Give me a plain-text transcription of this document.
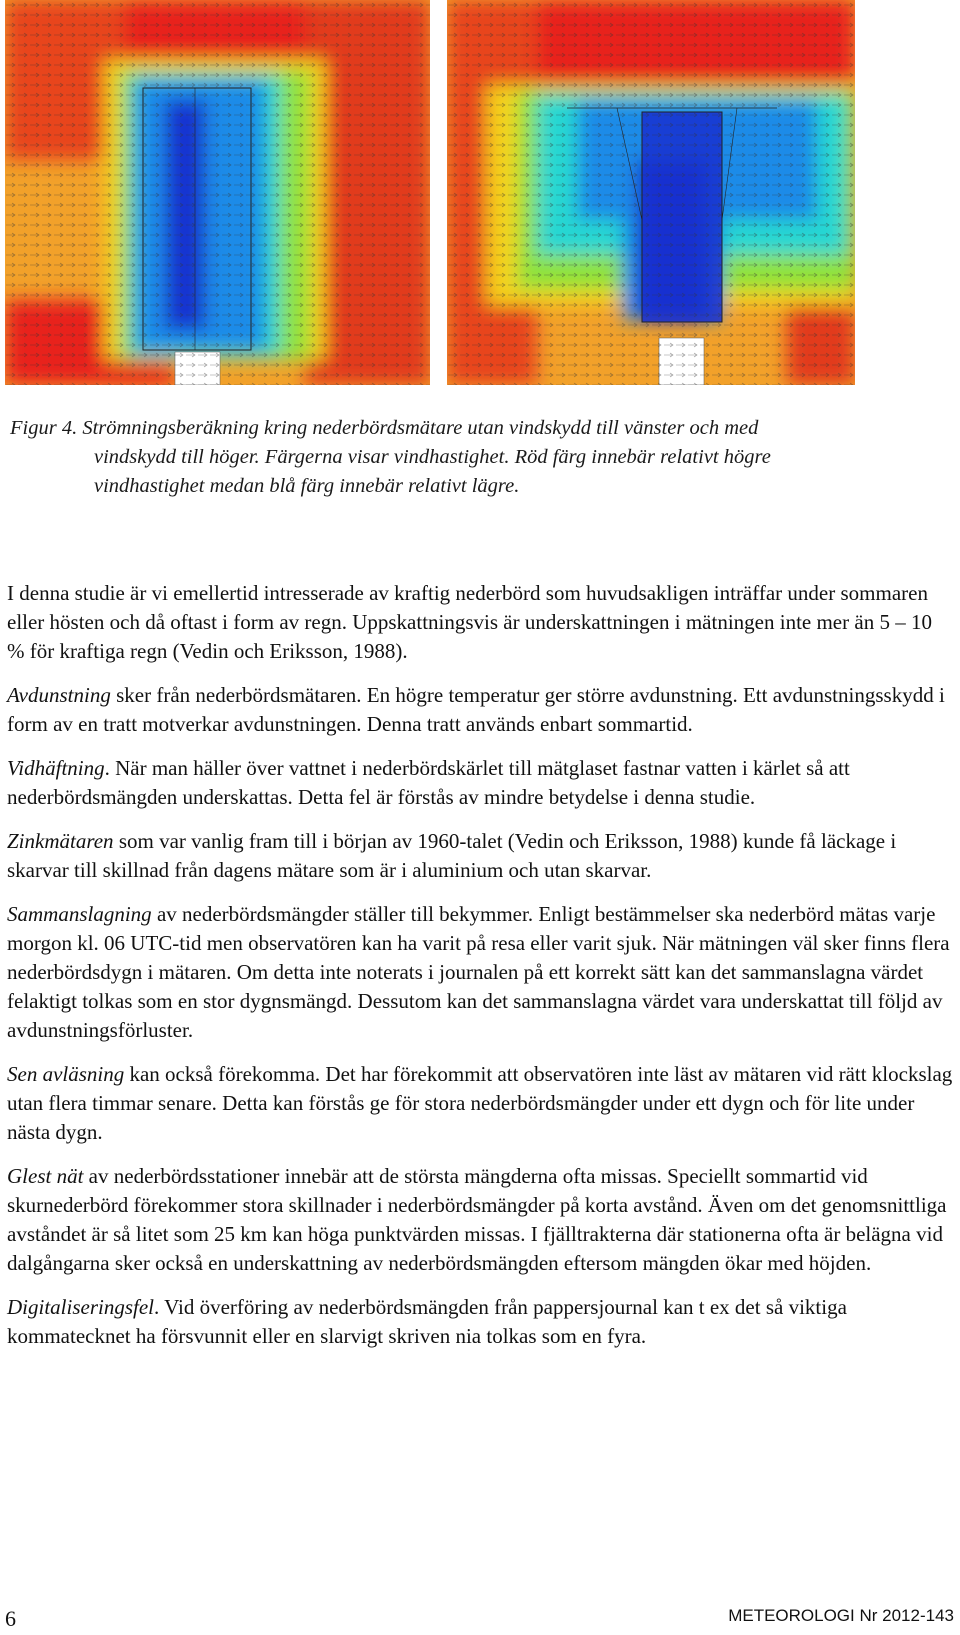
Figur 4. Strömningsberäkning kring nederbördsmätare utan vindskydd till vänster och med
vindskydd till höger. Färgerna visar vindhastighet. Röd färg innebär relativt högre
vindhastighet medan blå färg innebär relativt lägre.

I denna studie är vi emellertid intresserade av kraftig nederbörd som huvudsakligen inträffar under sommaren eller hösten och då oftast i form av regn. Uppskattningsvis är underskattningen i mätningen inte mer än 5 – 10 % för kraftiga regn (Vedin och Eriksson, 1988).

Avdunstning sker från nederbördsmätaren. En högre temperatur ger större avdunstning. Ett avdunstningsskydd i form av en tratt motverkar avdunstningen. Denna tratt används enbart sommartid.

Vidhäftning. När man häller över vattnet i nederbördskärlet till mätglaset fastnar vatten i kärlet så att nederbördsmängden underskattas. Detta fel är förstås av mindre betydelse i denna studie.

Zinkmätaren som var vanlig fram till i början av 1960-talet (Vedin och Eriksson, 1988) kunde få läckage i skarvar till skillnad från dagens mätare som är i aluminium och utan skarvar.

Sammanslagning av nederbördsmängder ställer till bekymmer. Enligt bestämmelser ska nederbörd mätas varje morgon kl. 06 UTC-tid men observatören kan ha varit på resa eller varit sjuk. När mätningen väl sker finns flera nederbördsdygn i mätaren. Om detta inte noterats i journalen på ett korrekt sätt kan det sammanslagna värdet felaktigt tolkas som en stor dygnsmängd. Dessutom kan det sammanslagna värdet vara underskattat till följd av avdunstningsförluster.

Sen avläsning kan också förekomma. Det har förekommit att observatören inte läst av mätaren vid rätt klockslag utan flera timmar senare. Detta kan förstås ge för stora nederbördsmängder under ett dygn och för lite under nästa dygn.

Glest nät av nederbördsstationer innebär att de största mängderna ofta missas. Speciellt sommartid vid skurnederbörd förekommer stora skillnader i nederbördsmängder på korta avstånd. Även om det genomsnittliga avståndet är så litet som 25 km kan höga punktvärden missas. I fjälltrakterna där stationerna ofta är belägna vid dalgångarna sker också en underskattning av nederbördsmängden eftersom mängden ökar med höjden.

Digitaliseringsfel. Vid överföring av nederbördsmängden från pappersjournal kan t ex det så viktiga kommatecknet ha försvunnit eller en slarvigt skriven nia tolkas som en fyra.

6	METEOROLOGI Nr 2012-143
